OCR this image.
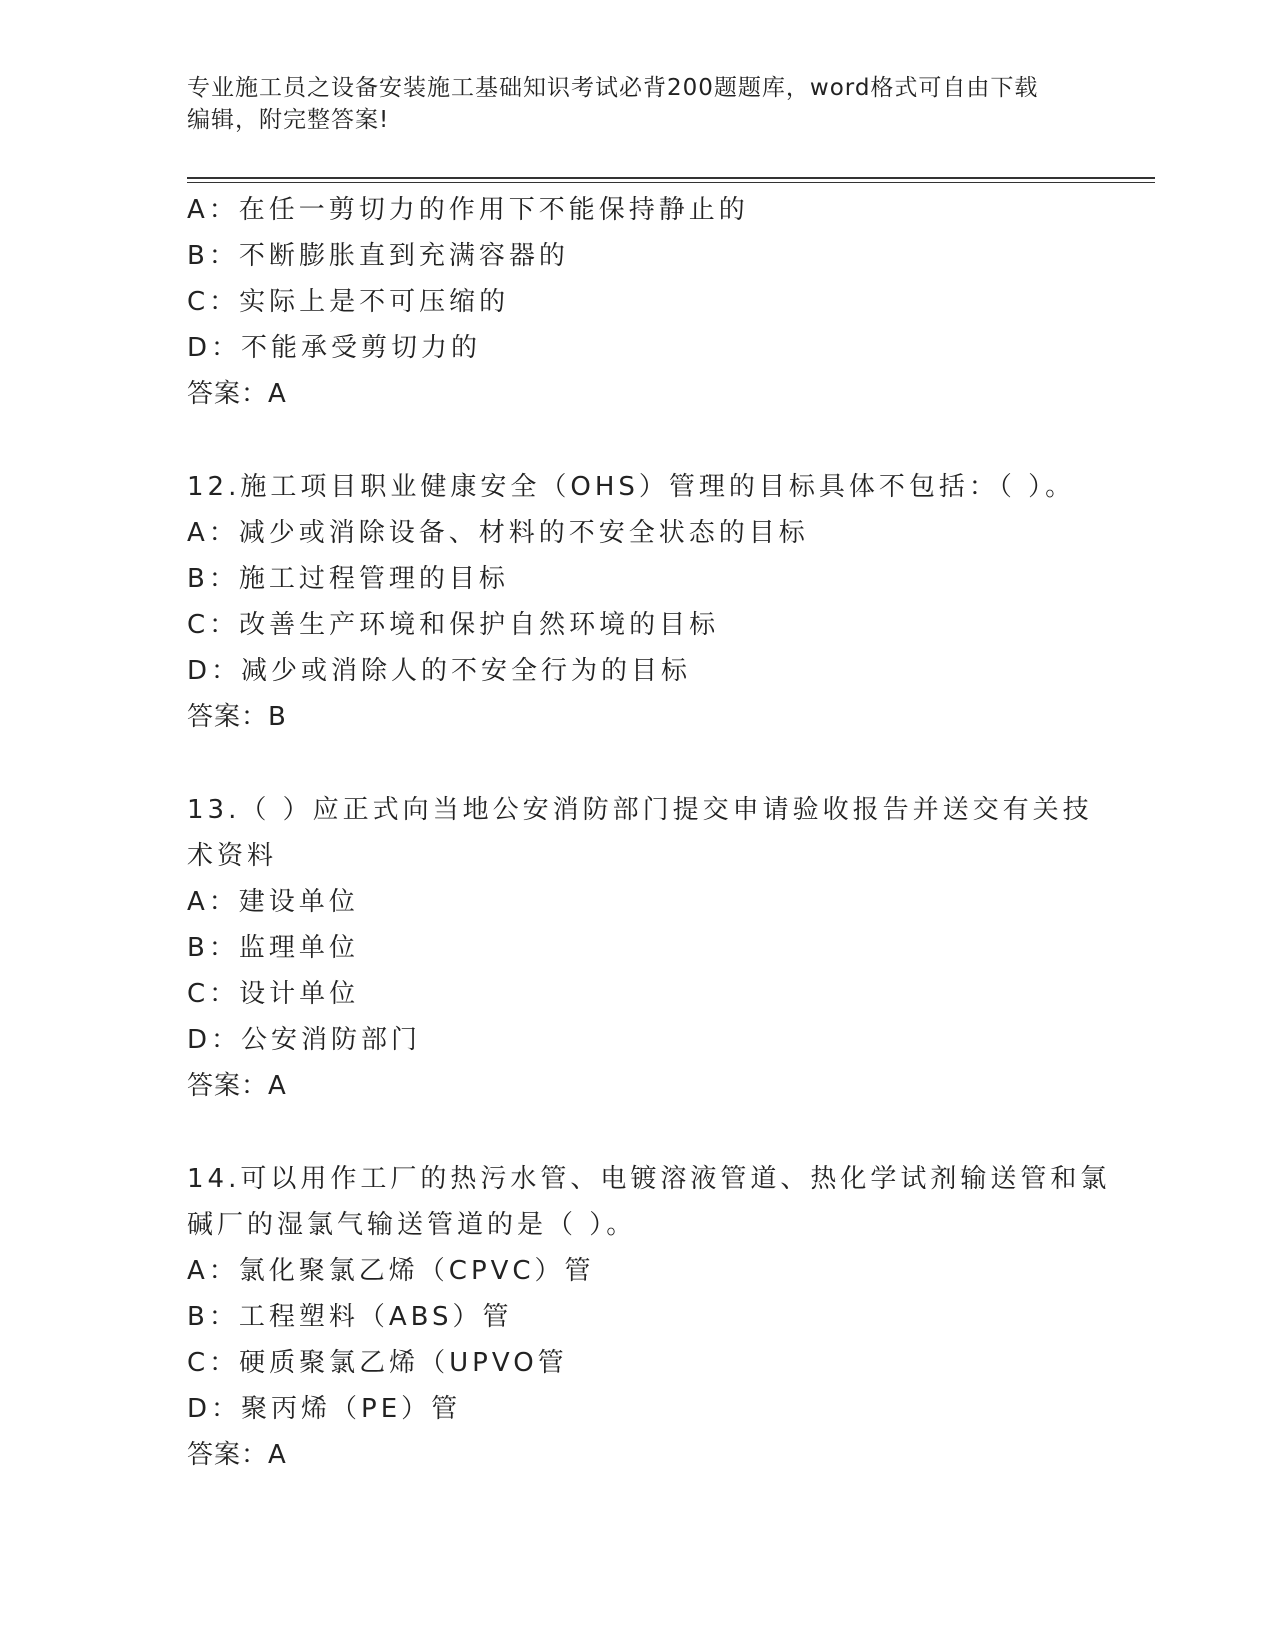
专业施工员之设备安装施工基础知识考试必背200题题库，word格式可自由下载
编辑，附完整答案!
A：在任一剪切力的作用下不能保持静止的
B：不断膨胀直到充满容器的
C：实际上是不可压缩的
D：不能承受剪切力的
答案：A
12.施工项目职业健康安全（OHS）管理的目标具体不包括：（ ）。
A：减少或消除设备、材料的不安全状态的目标
B：施工过程管理的目标
C：改善生产环境和保护自然环境的目标
D：减少或消除人的不安全行为的目标
答案：B
13.（ ）应正式向当地公安消防部门提交申请验收报告并送交有关技
术资料
A：建设单位
B：监理单位
C：设计单位
D：公安消防部门
答案：A
14.可以用作工厂的热污水管、电镀溶液管道、热化学试剂输送管和氯
碱厂的湿氯气输送管道的是（ ）。
A：氯化聚氯乙烯（CPVC）管
B：工程塑料（ABS）管
C：硬质聚氯乙烯（UPVO管
D：聚丙烯（PE）管
答案：A
